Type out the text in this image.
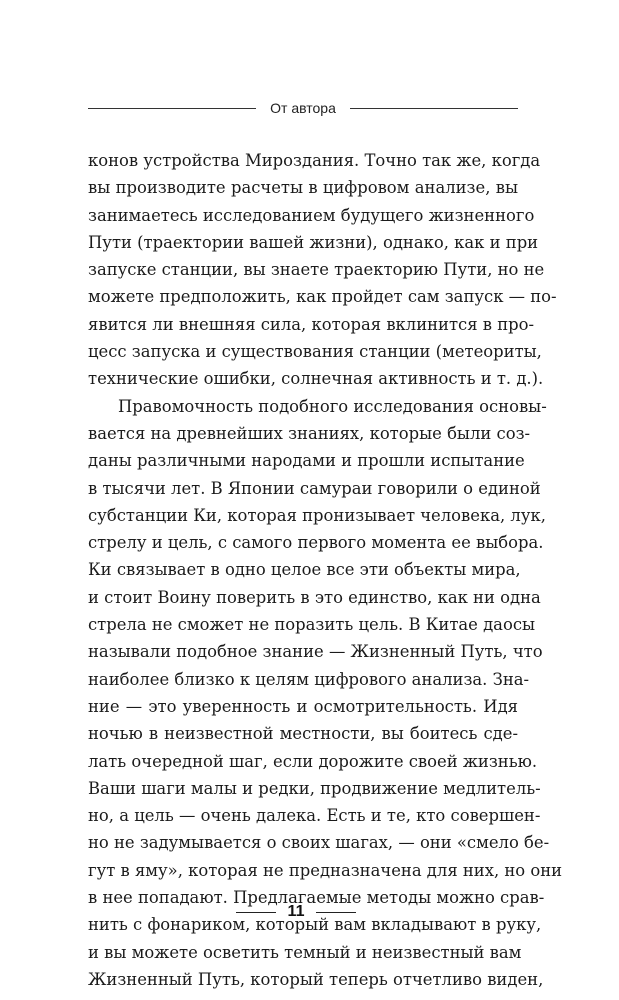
От автора
конов устройства Мироздания. Точно так же, когда
вы производите расчеты в цифровом анализе, вы
занимаетесь исследованием будущего жизненного
Пути (траектории вашей жизни), однако, как и при
запуске станции, вы знаете траекторию Пути, но не
можете предположить, как пройдет сам запуск — по-
явится ли внешняя сила, которая вклинится в про-
цесс запуска и существования станции (метеориты,
технические ошибки, солнечная активность и т. д.).
Правомочность подобного исследования основы-
вается на древнейших знаниях, которые были соз-
даны различными народами и прошли испытание
в тысячи лет. В Японии самураи говорили о единой
субстанции Ки, которая пронизывает человека, лук,
стрелу и цель, с самого первого момента ее выбора.
Ки связывает в одно целое все эти объекты мира,
и стоит Воину поверить в это единство, как ни одна
стрела не сможет не поразить цель. В Китае даосы
называли подобное знание — Жизненный Путь, что
наиболее близко к целям цифрового анализа. Зна-
ние — это уверенность и осмотрительность. Идя
ночью в неизвестной местности, вы боитесь сде-
лать очередной шаг, если дорожите своей жизнью.
Ваши шаги малы и редки, продвижение медлитель-
но, а цель — очень далека. Есть и те, кто совершен-
но не задумывается о своих шагах, — они «смело бе-
гут в яму», которая не предназначена для них, но они
в нее попадают. Предлагаемые методы можно срав-
нить с фонариком, который вам вкладывают в руку,
и вы можете осветить темный и неизвестный вам
Жизненный Путь, который теперь отчетливо виден,
11
